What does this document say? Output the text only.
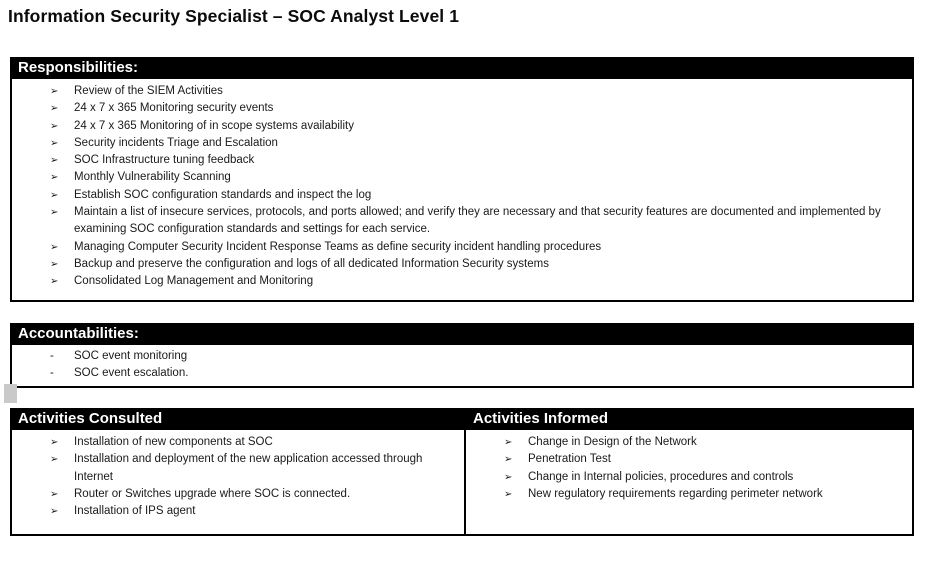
Information Security Specialist – SOC Analyst Level 1
Responsibilities:
➢	Review of the SIEM Activities
➢	24 x 7 x 365 Monitoring security events
➢	24 x 7 x 365 Monitoring of in scope systems availability
➢	Security incidents Triage and Escalation
➢	SOC Infrastructure tuning feedback
➢	Monthly Vulnerability Scanning
➢	Establish SOC configuration standards and inspect the log
➢	Maintain a list of insecure services, protocols, and ports allowed; and verify they are necessary and that security features are documented and implemented by examining SOC configuration standards and settings for each service.
➢	Managing Computer Security Incident Response Teams as define security incident handling procedures
➢	Backup and preserve the configuration and logs of all dedicated Information Security systems
➢	Consolidated Log Management and Monitoring
Accountabilities:
-	SOC event monitoring
-	SOC event escalation.
Activities Consulted	Activities Informed
➢	Installation of new components at SOC
➢	Installation and deployment of the new application accessed through Internet
➢	Router or Switches upgrade where SOC is connected.
➢	Installation of IPS agent
➢	Change in Design of the Network
➢	Penetration Test
➢	Change in Internal policies, procedures and controls
➢	New regulatory requirements regarding perimeter network
